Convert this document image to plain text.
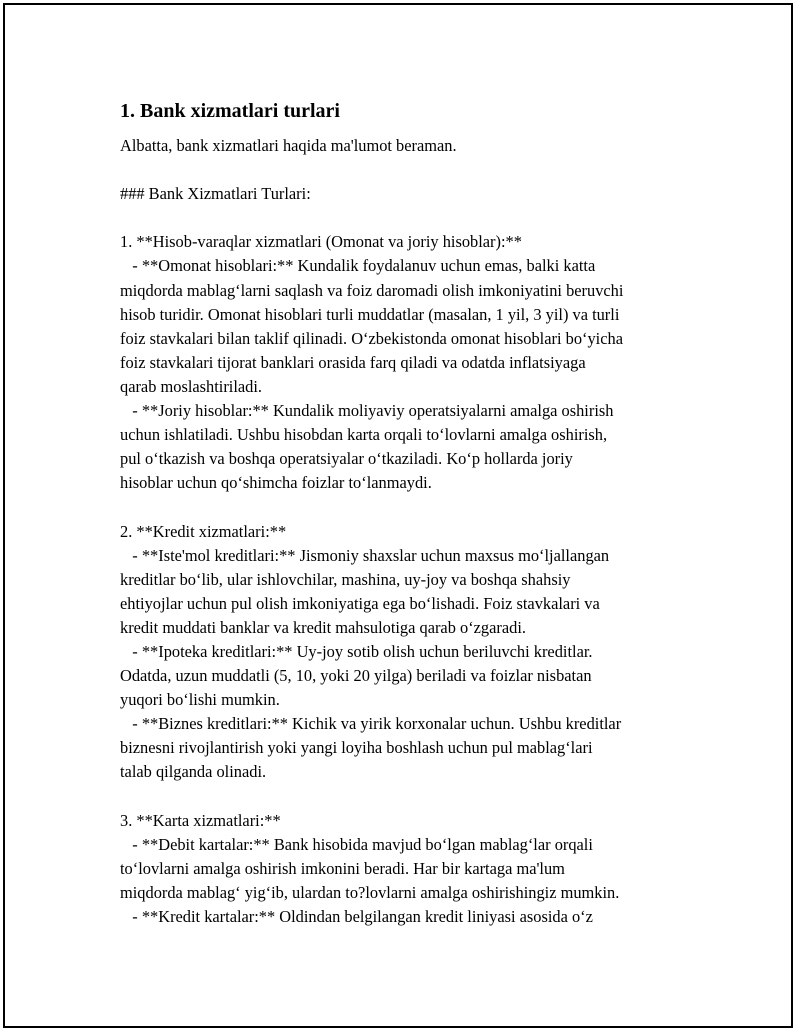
1. Bank xizmatlari turlari
Albatta, bank xizmatlari haqida ma'lumot beraman.
### Bank Xizmatlari Turlari:
1. **Hisob-varaqlar xizmatlari (Omonat va joriy hisoblar):**
- **Omonat hisoblari:** Kundalik foydalanuv uchun emas, balki katta
miqdorda mablag‘larni saqlash va foiz daromadi olish imkoniyatini beruvchi
hisob turidir. Omonat hisoblari turli muddatlar (masalan, 1 yil, 3 yil) va turli
foiz stavkalari bilan taklif qilinadi. O‘zbekistonda omonat hisoblari bo‘yicha
foiz stavkalari tijorat banklari orasida farq qiladi va odatda inflatsiyaga
qarab moslashtiriladi.
- **Joriy hisoblar:** Kundalik moliyaviy operatsiyalarni amalga oshirish
uchun ishlatiladi. Ushbu hisobdan karta orqali to‘lovlarni amalga oshirish,
pul o‘tkazish va boshqa operatsiyalar o‘tkaziladi. Ko‘p hollarda joriy
hisoblar uchun qo‘shimcha foizlar to‘lanmaydi.
2. **Kredit xizmatlari:**
- **Iste'mol kreditlari:** Jismoniy shaxslar uchun maxsus mo‘ljallangan
kreditlar bo‘lib, ular ishlovchilar, mashina, uy-joy va boshqa shahsiy
ehtiyojlar uchun pul olish imkoniyatiga ega bo‘lishadi. Foiz stavkalari va
kredit muddati banklar va kredit mahsulotiga qarab o‘zgaradi.
- **Ipoteka kreditlari:** Uy-joy sotib olish uchun beriluvchi kreditlar.
Odatda, uzun muddatli (5, 10, yoki 20 yilga) beriladi va foizlar nisbatan
yuqori bo‘lishi mumkin.
- **Biznes kreditlari:** Kichik va yirik korxonalar uchun. Ushbu kreditlar
biznesni rivojlantirish yoki yangi loyiha boshlash uchun pul mablag‘lari
talab qilganda olinadi.
3. **Karta xizmatlari:**
- **Debit kartalar:** Bank hisobida mavjud bo‘lgan mablag‘lar orqali
to‘lovlarni amalga oshirish imkonini beradi. Har bir kartaga ma'lum
miqdorda mablag‘ yig‘ib, ulardan to?lovlarni amalga oshirishingiz mumkin.
- **Kredit kartalar:** Oldindan belgilangan kredit liniyasi asosida o‘z
